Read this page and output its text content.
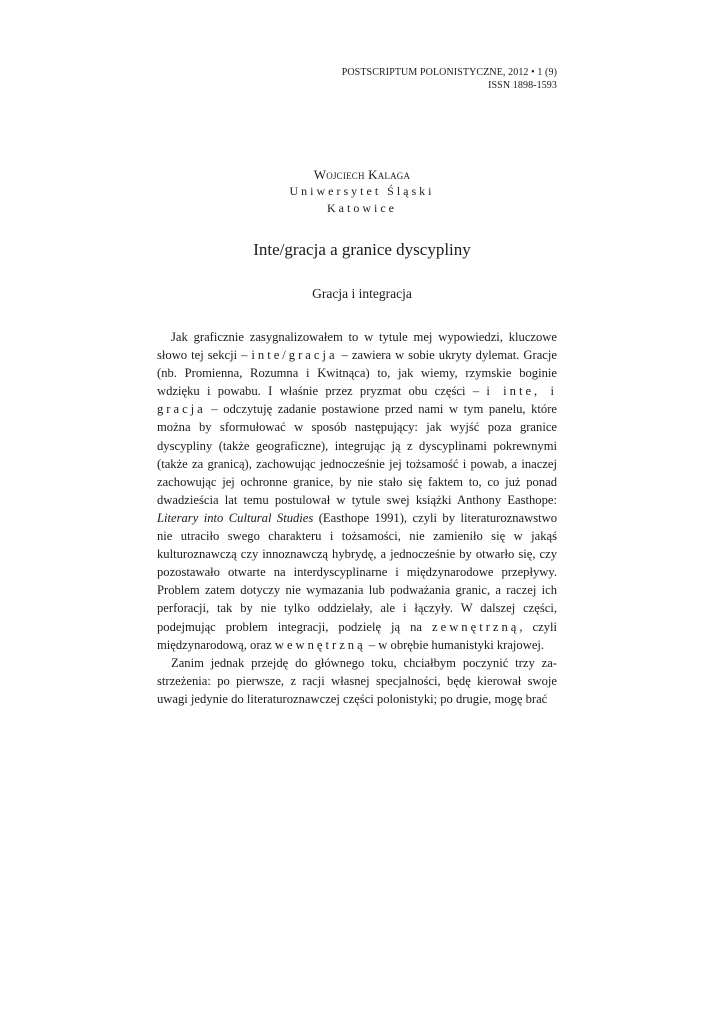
POSTSCRIPTUM POLONISTYCZNE, 2012 • 1 (9)
ISSN 1898-1593
Wojciech Kalaga
Uniwersytet Śląski
Katowice
Inte/gracja a granice dyscypliny
Gracja i integracja

Jak graficznie zasygnalizowałem to w tytule mej wypowiedzi, kluczowe słowo tej sekcji – inte/gracja – zawiera w sobie ukryty dylemat. Gracje (nb. Promienna, Rozumna i Kwitnąca) to, jak wiemy, rzymskie boginie wdzięku i powabu. I właśnie przez pryzmat obu części – i inte, i gracja – odczytuję zadanie postawione przed nami w tym panelu, które można by sformułować w sposób następujący: jak wyjść poza granice dyscypliny (także geograficzne), integrując ją z dyscyplinami pokrewnymi (także za granicą), zachowując jednocześnie jej tożsamość i powab, a inaczej zachowując jej ochronne granice, by nie stało się faktem to, co już ponad dwadzieścia lat temu postulował w tytule swej książki Anthony Easthope: Literary into Cultural Studies (Easthope 1991), czyli by literaturoznawstwo nie utraciło swego charakteru i tożsamości, nie zamieniło się w jakąś kulturoznawczą czy innoznawczą hybrydę, a jednocześnie by otwarło się, czy pozostawało otwarte na interdyscyplinarne i międzynarodowe przepływy. Problem zatem dotyczy nie wymazania lub podważania granic, a raczej ich perforacji, tak by nie tylko oddzielały, ale i łączyły. W dalszej części, podejmując problem integracji, podzielę ją na zewnętrzną, czyli międzynarodową, oraz wewnętrzną – w obrębie humanistyki krajowej.

Zanim jednak przejdę do głównego toku, chciałbym poczynić trzy zastrzeżenia: po pierwsze, z racji własnej specjalności, będę kierował swoje uwagi jedynie do literaturoznawczej części polonistyki; po drugie, mogę brać
